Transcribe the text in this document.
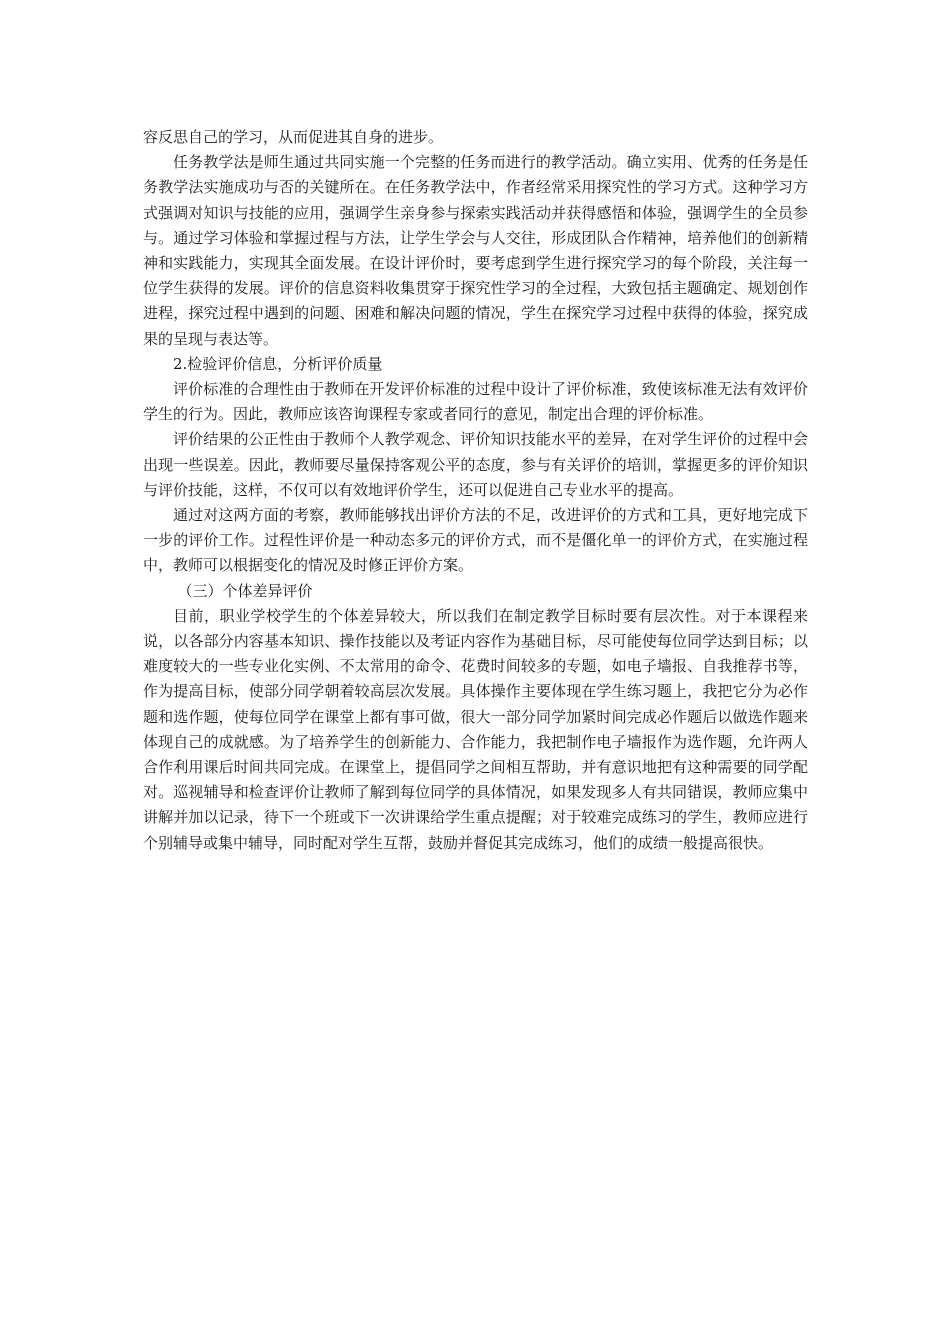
容反思自己的学习，从而促进其自身的进步。

任务教学法是师生通过共同实施一个完整的任务而进行的教学活动。确立实用、优秀的任务是任务教学法实施成功与否的关键所在。在任务教学法中，作者经常采用探究性的学习方式。这种学习方式强调对知识与技能的应用，强调学生亲身参与探索实践活动并获得感悟和体验，强调学生的全员参与。通过学习体验和掌握过程与方法，让学生学会与人交往，形成团队合作精神，培养他们的创新精神和实践能力，实现其全面发展。在设计评价时，要考虑到学生进行探究学习的每个阶段，关注每一位学生获得的发展。评价的信息资料收集贯穿于探究性学习的全过程，大致包括主题确定、规划创作进程，探究过程中遇到的问题、困难和解决问题的情况，学生在探究学习过程中获得的体验，探究成果的呈现与表达等。

2.检验评价信息，分析评价质量

评价标准的合理性由于教师在开发评价标准的过程中设计了评价标准，致使该标准无法有效评价学生的行为。因此，教师应该咨询课程专家或者同行的意见，制定出合理的评价标准。

评价结果的公正性由于教师个人教学观念、评价知识技能水平的差异，在对学生评价的过程中会出现一些误差。因此，教师要尽量保持客观公平的态度，参与有关评价的培训，掌握更多的评价知识与评价技能，这样，不仅可以有效地评价学生，还可以促进自己专业水平的提高。

通过对这两方面的考察，教师能够找出评价方法的不足，改进评价的方式和工具，更好地完成下一步的评价工作。过程性评价是一种动态多元的评价方式，而不是僵化单一的评价方式，在实施过程中，教师可以根据变化的情况及时修正评价方案。

（三）个体差异评价

目前，职业学校学生的个体差异较大，所以我们在制定教学目标时要有层次性。对于本课程来说，以各部分内容基本知识、操作技能以及考证内容作为基础目标，尽可能使每位同学达到目标；以难度较大的一些专业化实例、不太常用的命令、花费时间较多的专题，如电子墙报、自我推荐书等，作为提高目标，使部分同学朝着较高层次发展。具体操作主要体现在学生练习题上，我把它分为必作题和选作题，使每位同学在课堂上都有事可做，很大一部分同学加紧时间完成必作题后以做选作题来体现自己的成就感。为了培养学生的创新能力、合作能力，我把制作电子墙报作为选作题，允许两人合作利用课后时间共同完成。在课堂上，提倡同学之间相互帮助，并有意识地把有这种需要的同学配对。巡视辅导和检查评价让教师了解到每位同学的具体情况，如果发现多人有共同错误，教师应集中讲解并加以记录，待下一个班或下一次讲课给学生重点提醒；对于较难完成练习的学生，教师应进行个别辅导或集中辅导，同时配对学生互帮，鼓励并督促其完成练习，他们的成绩一般提高很快。
